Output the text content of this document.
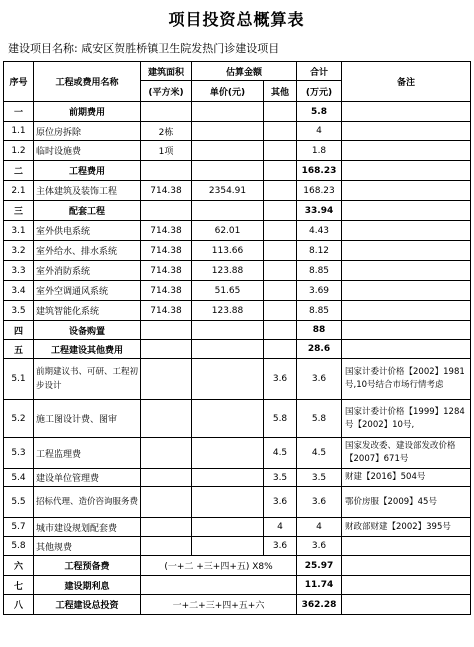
项目投资总概算表
建设项目名称: 咸安区贺胜桥镇卫生院发热门诊建设项目
序号	工程或费用名称	建筑面积	估算金额		合计	备注
		(平方米)	单价(元)	其他	(万元)	
一	前期费用				5.8	
1.1	原位房拆除	2栋			4	
1.2	临时设施费	1项			1.8	
二	工程费用				168.23	
2.1	主体建筑及装饰工程	714.38	2354.91		168.23	
三	配套工程				33.94	
3.1	室外供电系统	714.38	62.01		4.43	
3.2	室外给水、排水系统	714.38	113.66		8.12	
3.3	室外消防系统	714.38	123.88		8.85	
3.4	室外空调通风系统	714.38	51.65		3.69	
3.5	建筑智能化系统	714.38	123.88		8.85	
四	设备购置				88	
五	工程建设其他费用				28.6	
5.1	前期建议书、可研、工程初步设计			3.6	3.6	国家计委计价格【2002】1981号,10号结合市场行情考虑
5.2	施工图设计费、图审			5.8	5.8	国家计委计价格【1999】1284号【2002】10号,
5.3	工程监理费			4.5	4.5	国家发改委、建设部发改价格【2007】671号
5.4	建设单位管理费			3.5	3.5	财建【2016】504号
5.5	招标代理、造价咨询服务费			3.6	3.6	鄂价房服【2009】45号
5.7	城市建设规划配套费			4	4	财政部财建【2002】395号
5.8	其他规费			3.6	3.6	
六	工程预备费	(一+二 +三+四+五) X8%			25.97	
七	建设期利息				11.74	
八	工程建设总投资	一+二+三+四+五+六			362.28	
